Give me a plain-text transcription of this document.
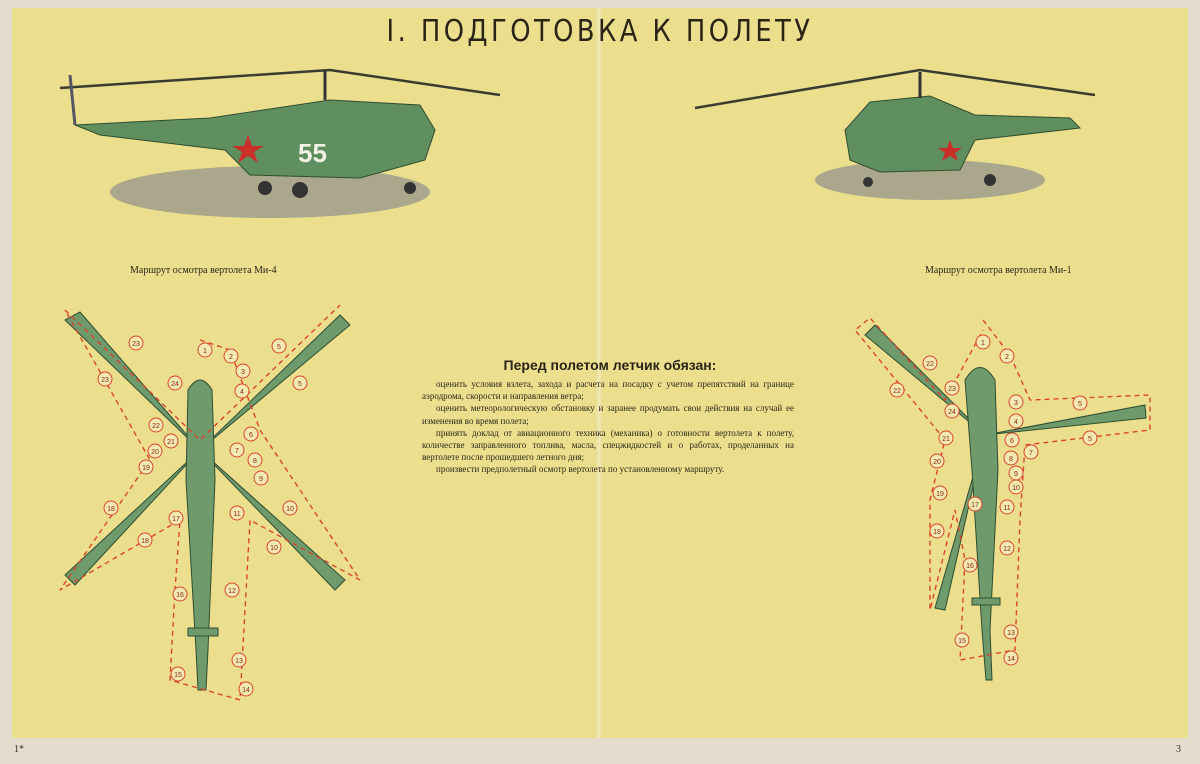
I. ПОДГОТОВКА К ПОЛЕТУ
55
1
2
3
4
5
5
6
7
8
9
10
10
11
12
13
14
15
16
17
18
18
19
20
21
22
23
23
24
1
2
3
4
5
5
6
7
8
9
10
11
12
13
14
15
16
17
18
19
20
21
22
22	23
24
Маршрут осмотра вертолета Ми-4	Маршрут осмотра вертолета Ми-1
Перед полетом летчик обязан:

оценить условия взлета, захода и расчета на посадку с учетом препятствий на границе аэродрома, скорости и направления ветра;

оценить метеорологическую обстановку и заранее продумать свои действия на случай ее изменения во время полета;

принять доклад от авиационного техника (механика) о готовности вертолета к полету, количестве заправленного топлива, масла, спецжидкостей и о работах, проделанных на вертолете после прошедшего летного дня;

произвести предполетный осмотр вертолета по установленному маршруту.

1*	3
